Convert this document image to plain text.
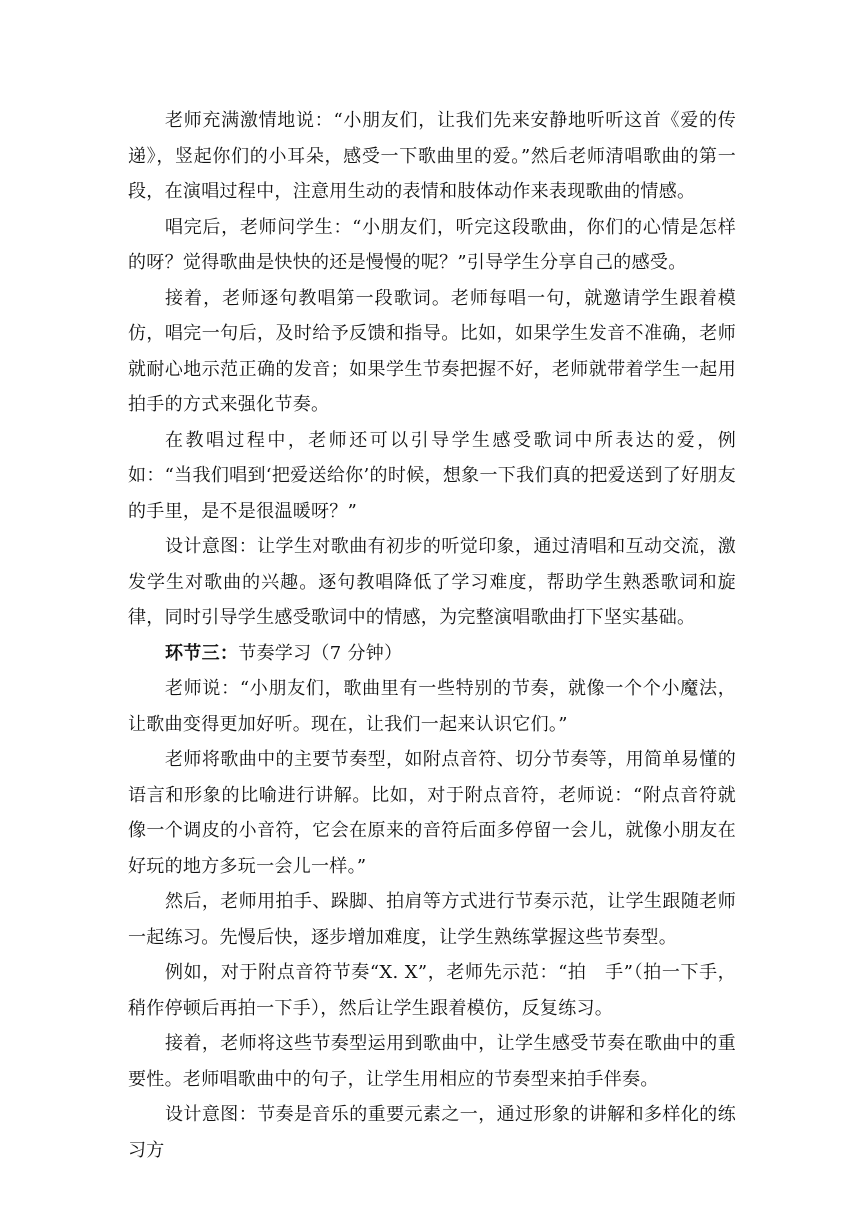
老师充满激情地说：“小朋友们，让我们先来安静地听听这首《爱的传递》，竖起你们的小耳朵，感受一下歌曲里的爱。”然后老师清唱歌曲的第一段，在演唱过程中，注意用生动的表情和肢体动作来表现歌曲的情感。

唱完后，老师问学生：“小朋友们，听完这段歌曲，你们的心情是怎样的呀？觉得歌曲是快快的还是慢慢的呢？”引导学生分享自己的感受。

接着，老师逐句教唱第一段歌词。老师每唱一句，就邀请学生跟着模仿，唱完一句后，及时给予反馈和指导。比如，如果学生发音不准确，老师就耐心地示范正确的发音；如果学生节奏把握不好，老师就带着学生一起用拍手的方式来强化节奏。

在教唱过程中，老师还可以引导学生感受歌词中所表达的爱，例如：“当我们唱到‘把爱送给你’的时候，想象一下我们真的把爱送到了好朋友的手里，是不是很温暖呀？”

设计意图：让学生对歌曲有初步的听觉印象，通过清唱和互动交流，激发学生对歌曲的兴趣。逐句教唱降低了学习难度，帮助学生熟悉歌词和旋律，同时引导学生感受歌词中的情感，为完整演唱歌曲打下坚实基础。

环节三：节奏学习（7 分钟）

老师说：“小朋友们，歌曲里有一些特别的节奏，就像一个个小魔法，让歌曲变得更加好听。现在，让我们一起来认识它们。”

老师将歌曲中的主要节奏型，如附点音符、切分节奏等，用简单易懂的语言和形象的比喻进行讲解。比如，对于附点音符，老师说：“附点音符就像一个调皮的小音符，它会在原来的音符后面多停留一会儿，就像小朋友在好玩的地方多玩一会儿一样。”

然后，老师用拍手、跺脚、拍肩等方式进行节奏示范，让学生跟随老师一起练习。先慢后快，逐步增加难度，让学生熟练掌握这些节奏型。

例如，对于附点音符节奏“X. X”，老师先示范：“拍　手”（拍一下手，稍作停顿后再拍一下手），然后让学生跟着模仿，反复练习。

接着，老师将这些节奏型运用到歌曲中，让学生感受节奏在歌曲中的重要性。老师唱歌曲中的句子，让学生用相应的节奏型来拍手伴奏。

设计意图：节奏是音乐的重要元素之一，通过形象的讲解和多样化的练习方
